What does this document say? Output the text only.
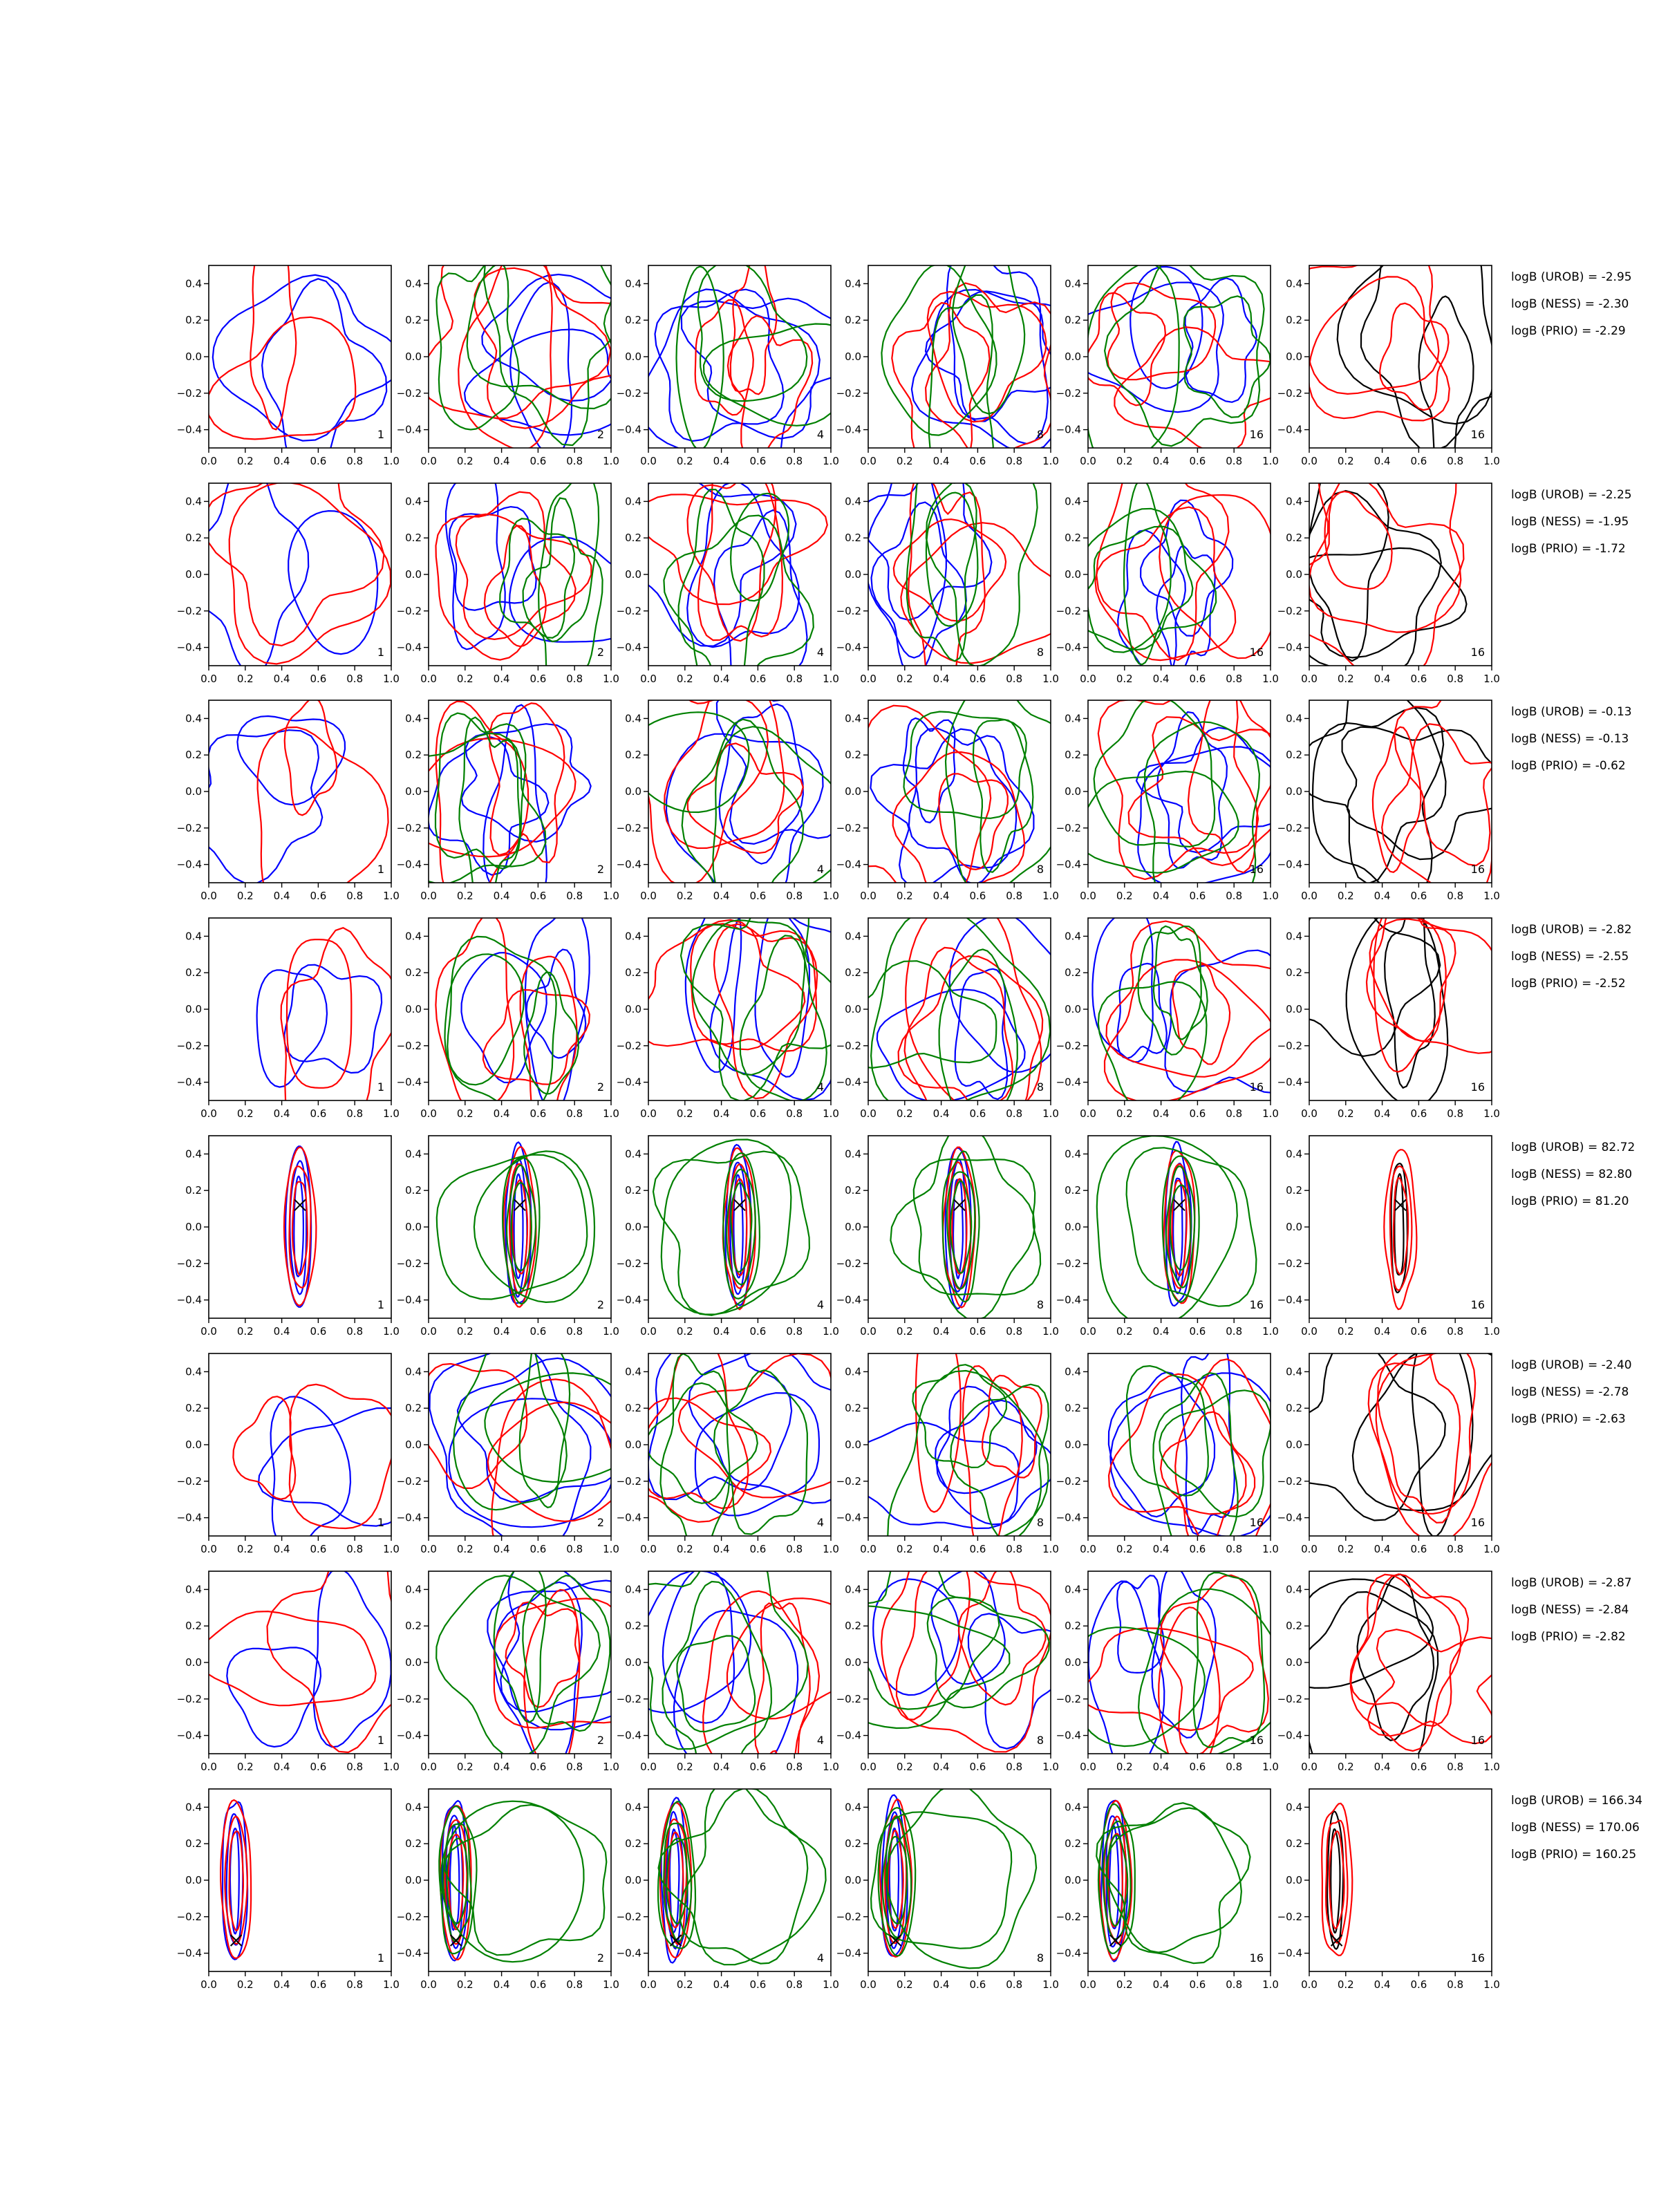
0.4
0.2
0.0
−0.2
−0.4
0.0 0.2 0.4 0.6 0.8 1.0
1
0.4
0.2
0.0
−0.2
−0.4
0.0 0.2 0.4 0.6 0.8 1.0
2
0.4
0.2
0.0
−0.2
−0.4
0.0 0.2 0.4 0.6 0.8 1.0
4
0.4
0.2
0.0
−0.2
−0.4
0.0 0.2 0.4 0.6 0.8 1.0
8
0.4
0.2
0.0
−0.2
−0.4
0.0 0.2 0.4 0.6 0.8 1.0
16
0.4
0.2
0.0
−0.2
−0.4
0.0 0.2 0.4 0.6 0.8 1.0
16
logB (UROB) = -2.95
logB (NESS) = -2.30
logB (PRIO) = -2.29
0.4
0.2
0.0
−0.2
−0.4
0.0 0.2 0.4 0.6 0.8 1.0
1
0.4
0.2
0.0
−0.2
−0.4
0.0 0.2 0.4 0.6 0.8 1.0
2
0.4
0.2
0.0
−0.2
−0.4
0.0 0.2 0.4 0.6 0.8 1.0
4
0.4
0.2
0.0
−0.2
−0.4
0.0 0.2 0.4 0.6 0.8 1.0
8
0.4
0.2
0.0
−0.2
−0.4
0.0 0.2 0.4 0.6 0.8 1.0
16
0.4
0.2
0.0
−0.2
−0.4
0.0 0.2 0.4 0.6 0.8 1.0
16
logB (UROB) = -2.25
logB (NESS) = -1.95
logB (PRIO) = -1.72
0.4
0.2
0.0
−0.2
−0.4
0.0 0.2 0.4 0.6 0.8 1.0
1
0.4
0.2
0.0
−0.2
−0.4
0.0 0.2 0.4 0.6 0.8 1.0
2
0.4
0.2
0.0
−0.2
−0.4
0.0 0.2 0.4 0.6 0.8 1.0
4
0.4
0.2
0.0
−0.2
−0.4
0.0 0.2 0.4 0.6 0.8 1.0
8
0.4
0.2
0.0
−0.2
−0.4
0.0 0.2 0.4 0.6 0.8 1.0
16
0.4
0.2
0.0
−0.2
−0.4
0.0 0.2 0.4 0.6 0.8 1.0
16
logB (UROB) = -0.13
logB (NESS) = -0.13
logB (PRIO) = -0.62
0.4
0.2
0.0
−0.2
−0.4
0.0 0.2 0.4 0.6 0.8 1.0
1
0.4
0.2
0.0
−0.2
−0.4
0.0 0.2 0.4 0.6 0.8 1.0
2
0.4
0.2
0.0
−0.2
−0.4
0.0 0.2 0.4 0.6 0.8 1.0
4
0.4
0.2
0.0
−0.2
−0.4
0.0 0.2 0.4 0.6 0.8 1.0
8
0.4
0.2
0.0
−0.2
−0.4
0.0 0.2 0.4 0.6 0.8 1.0
16
0.4
0.2
0.0
−0.2
−0.4
0.0 0.2 0.4 0.6 0.8 1.0
16
logB (UROB) = -2.82
logB (NESS) = -2.55
logB (PRIO) = -2.52
0.4
0.2
0.0
−0.2
−0.4
0.0 0.2 0.4 0.6 0.8 1.0
1
0.4
0.2
0.0
−0.2
−0.4
0.0 0.2 0.4 0.6 0.8 1.0
2
0.4
0.2
0.0
−0.2
−0.4
0.0 0.2 0.4 0.6 0.8 1.0
4
0.4
0.2
0.0
−0.2
−0.4
0.0 0.2 0.4 0.6 0.8 1.0
8
0.4
0.2
0.0
−0.2
−0.4
0.0 0.2 0.4 0.6 0.8 1.0
16
0.4
0.2
0.0
−0.2
−0.4
0.0 0.2 0.4 0.6 0.8 1.0
16
logB (UROB) = 82.72
logB (NESS) = 82.80
logB (PRIO) = 81.20
0.4
0.2
0.0
−0.2
−0.4
0.0 0.2 0.4 0.6 0.8 1.0
1
0.4
0.2
0.0
−0.2
−0.4
0.0 0.2 0.4 0.6 0.8 1.0
2
0.4
0.2
0.0
−0.2
−0.4
0.0 0.2 0.4 0.6 0.8 1.0
4
0.4
0.2
0.0
−0.2
−0.4
0.0 0.2 0.4 0.6 0.8 1.0
8
0.4
0.2
0.0
−0.2
−0.4
0.0 0.2 0.4 0.6 0.8 1.0
16
0.4
0.2
0.0
−0.2
−0.4
0.0 0.2 0.4 0.6 0.8 1.0
16
logB (UROB) = -2.40
logB (NESS) = -2.78
logB (PRIO) = -2.63
0.4
0.2
0.0
−0.2
−0.4
0.0 0.2 0.4 0.6 0.8 1.0
1
0.4
0.2
0.0
−0.2
−0.4
0.0 0.2 0.4 0.6 0.8 1.0
2
0.4
0.2
0.0
−0.2
−0.4
0.0 0.2 0.4 0.6 0.8 1.0
4
0.4
0.2
0.0
−0.2
−0.4
0.0 0.2 0.4 0.6 0.8 1.0
8
0.4
0.2
0.0
−0.2
−0.4
0.0 0.2 0.4 0.6 0.8 1.0
16
0.4
0.2
0.0
−0.2
−0.4
0.0 0.2 0.4 0.6 0.8 1.0
16
logB (UROB) = -2.87
logB (NESS) = -2.84
logB (PRIO) = -2.82
0.4
0.2
0.0
−0.2
−0.4
0.0 0.2 0.4 0.6 0.8 1.0
1
0.4
0.2
0.0
−0.2
−0.4
0.0 0.2 0.4 0.6 0.8 1.0
2
0.4
0.2
0.0
−0.2
−0.4
0.0 0.2 0.4 0.6 0.8 1.0
4
0.4
0.2
0.0
−0.2
−0.4
0.0 0.2 0.4 0.6 0.8 1.0
8
0.4
0.2
0.0
−0.2
−0.4
0.0 0.2 0.4 0.6 0.8 1.0
16
0.4
0.2
0.0
−0.2
−0.4
0.0 0.2 0.4 0.6 0.8 1.0
16
logB (UROB) = 166.34
logB (NESS) = 170.06
logB (PRIO) = 160.25
